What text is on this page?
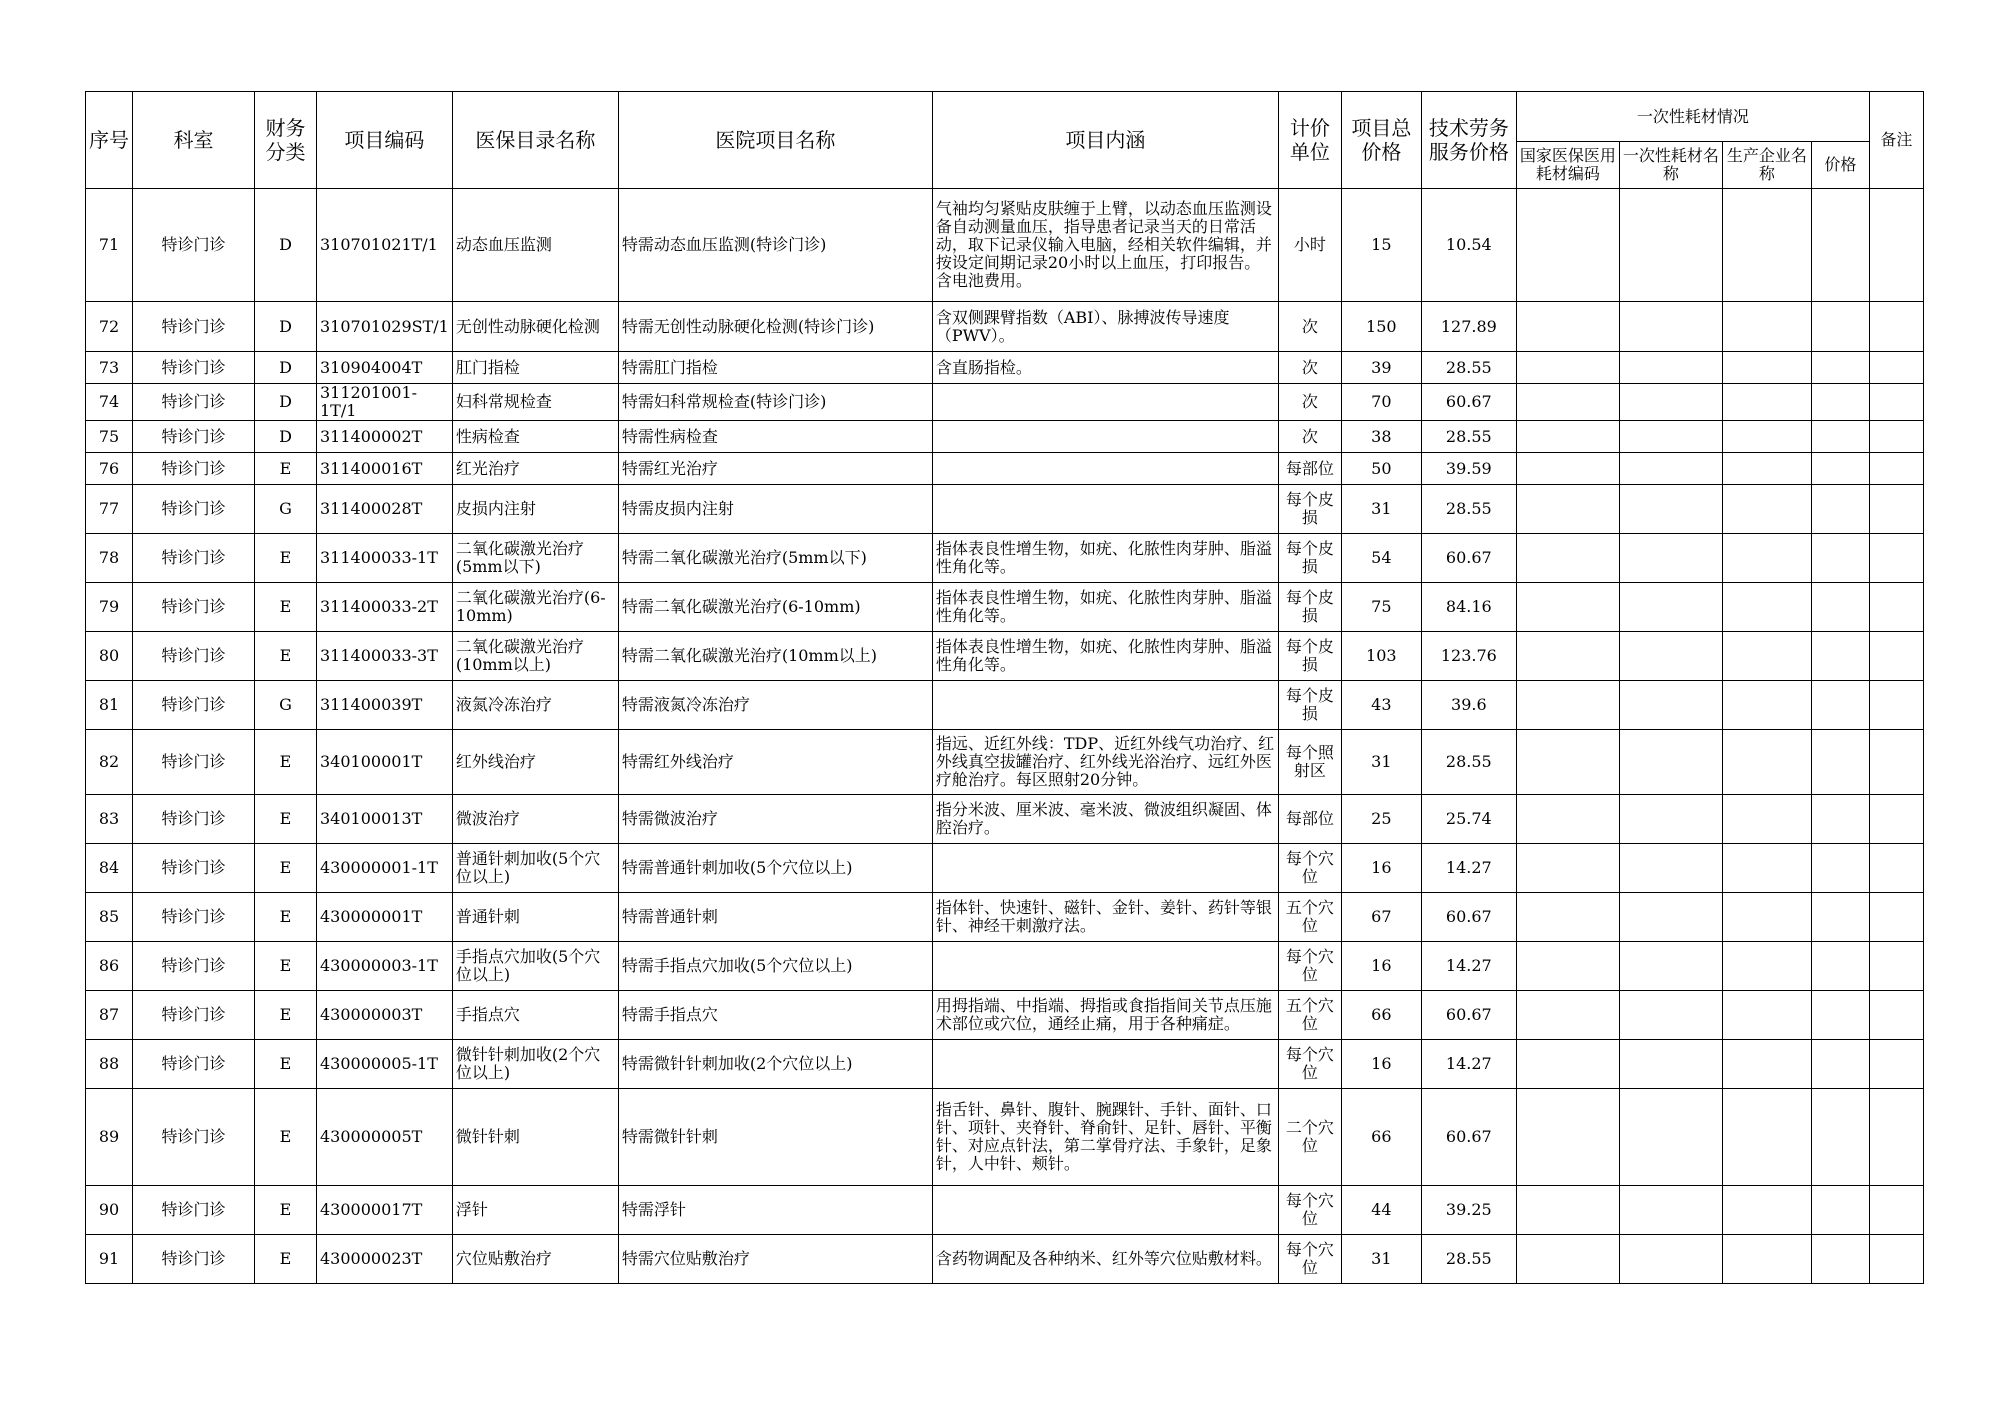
序号	科室	财务分类	项目编码	医保目录名称	医院项目名称	项目内涵	计价单位	项目总价格	技术劳务服务价格	一次性耗材情况				备注
										国家医保医用耗材编码	一次性耗材名称	生产企业名称	价格	
71	特诊门诊	D	310701021T/1	动态血压监测	特需动态血压监测(特诊门诊)	气袖均匀紧贴皮肤缠于上臂，以动态血压监测设备自动测量血压，指导患者记录当天的日常活动，取下记录仪输入电脑，经相关软件编辑，并按设定间期记录20小时以上血压，打印报告。含电池费用。	小时	15	10.54					
72	特诊门诊	D	310701029ST/1	无创性动脉硬化检测	特需无创性动脉硬化检测(特诊门诊)	含双侧踝臂指数（ABI）、脉搏波传导速度（PWV）。	次	150	127.89					
73	特诊门诊	D	310904004T	肛门指检	特需肛门指检	含直肠指检。	次	39	28.55					
74	特诊门诊	D	311201001-1T/1	妇科常规检查	特需妇科常规检查(特诊门诊)		次	70	60.67					
75	特诊门诊	D	311400002T	性病检查	特需性病检查		次	38	28.55					
76	特诊门诊	E	311400016T	红光治疗	特需红光治疗		每部位	50	39.59					
77	特诊门诊	G	311400028T	皮损内注射	特需皮损内注射		每个皮损	31	28.55					
78	特诊门诊	E	311400033-1T	二氧化碳激光治疗(5mm以下)	特需二氧化碳激光治疗(5mm以下)	指体表良性增生物，如疣、化脓性肉芽肿、脂溢性角化等。	每个皮损	54	60.67					
79	特诊门诊	E	311400033-2T	二氧化碳激光治疗(6-10mm)	特需二氧化碳激光治疗(6-10mm)	指体表良性增生物，如疣、化脓性肉芽肿、脂溢性角化等。	每个皮损	75	84.16					
80	特诊门诊	E	311400033-3T	二氧化碳激光治疗(10mm以上)	特需二氧化碳激光治疗(10mm以上)	指体表良性增生物，如疣、化脓性肉芽肿、脂溢性角化等。	每个皮损	103	123.76					
81	特诊门诊	G	311400039T	液氮冷冻治疗	特需液氮冷冻治疗		每个皮损	43	39.6					
82	特诊门诊	E	340100001T	红外线治疗	特需红外线治疗	指远、近红外线：TDP、近红外线气功治疗、红外线真空拔罐治疗、红外线光浴治疗、远红外医疗舱治疗。每区照射20分钟。	每个照射区	31	28.55					
83	特诊门诊	E	340100013T	微波治疗	特需微波治疗	指分米波、厘米波、毫米波、微波组织凝固、体腔治疗。	每部位	25	25.74					
84	特诊门诊	E	430000001-1T	普通针刺加收(5个穴位以上)	特需普通针刺加收(5个穴位以上)		每个穴位	16	14.27					
85	特诊门诊	E	430000001T	普通针刺	特需普通针刺	指体针、快速针、磁针、金针、姜针、药针等银针、神经干刺激疗法。	五个穴位	67	60.67					
86	特诊门诊	E	430000003-1T	手指点穴加收(5个穴位以上)	特需手指点穴加收(5个穴位以上)		每个穴位	16	14.27					
87	特诊门诊	E	430000003T	手指点穴	特需手指点穴	用拇指端、中指端、拇指或食指指间关节点压施术部位或穴位，通经止痛，用于各种痛症。	五个穴位	66	60.67					
88	特诊门诊	E	430000005-1T	微针针刺加收(2个穴位以上)	特需微针针刺加收(2个穴位以上)		每个穴位	16	14.27					
89	特诊门诊	E	430000005T	微针针刺	特需微针针刺	指舌针、鼻针、腹针、腕踝针、手针、面针、口针、项针、夹脊针、脊俞针、足针、唇针、平衡针、对应点针法，第二掌骨疗法、手象针，足象针，人中针、颊针。	二个穴位	66	60.67					
90	特诊门诊	E	430000017T	浮针	特需浮针		每个穴位	44	39.25					
91	特诊门诊	E	430000023T	穴位贴敷治疗	特需穴位贴敷治疗	含药物调配及各种纳米、红外等穴位贴敷材料。	每个穴位	31	28.55					
